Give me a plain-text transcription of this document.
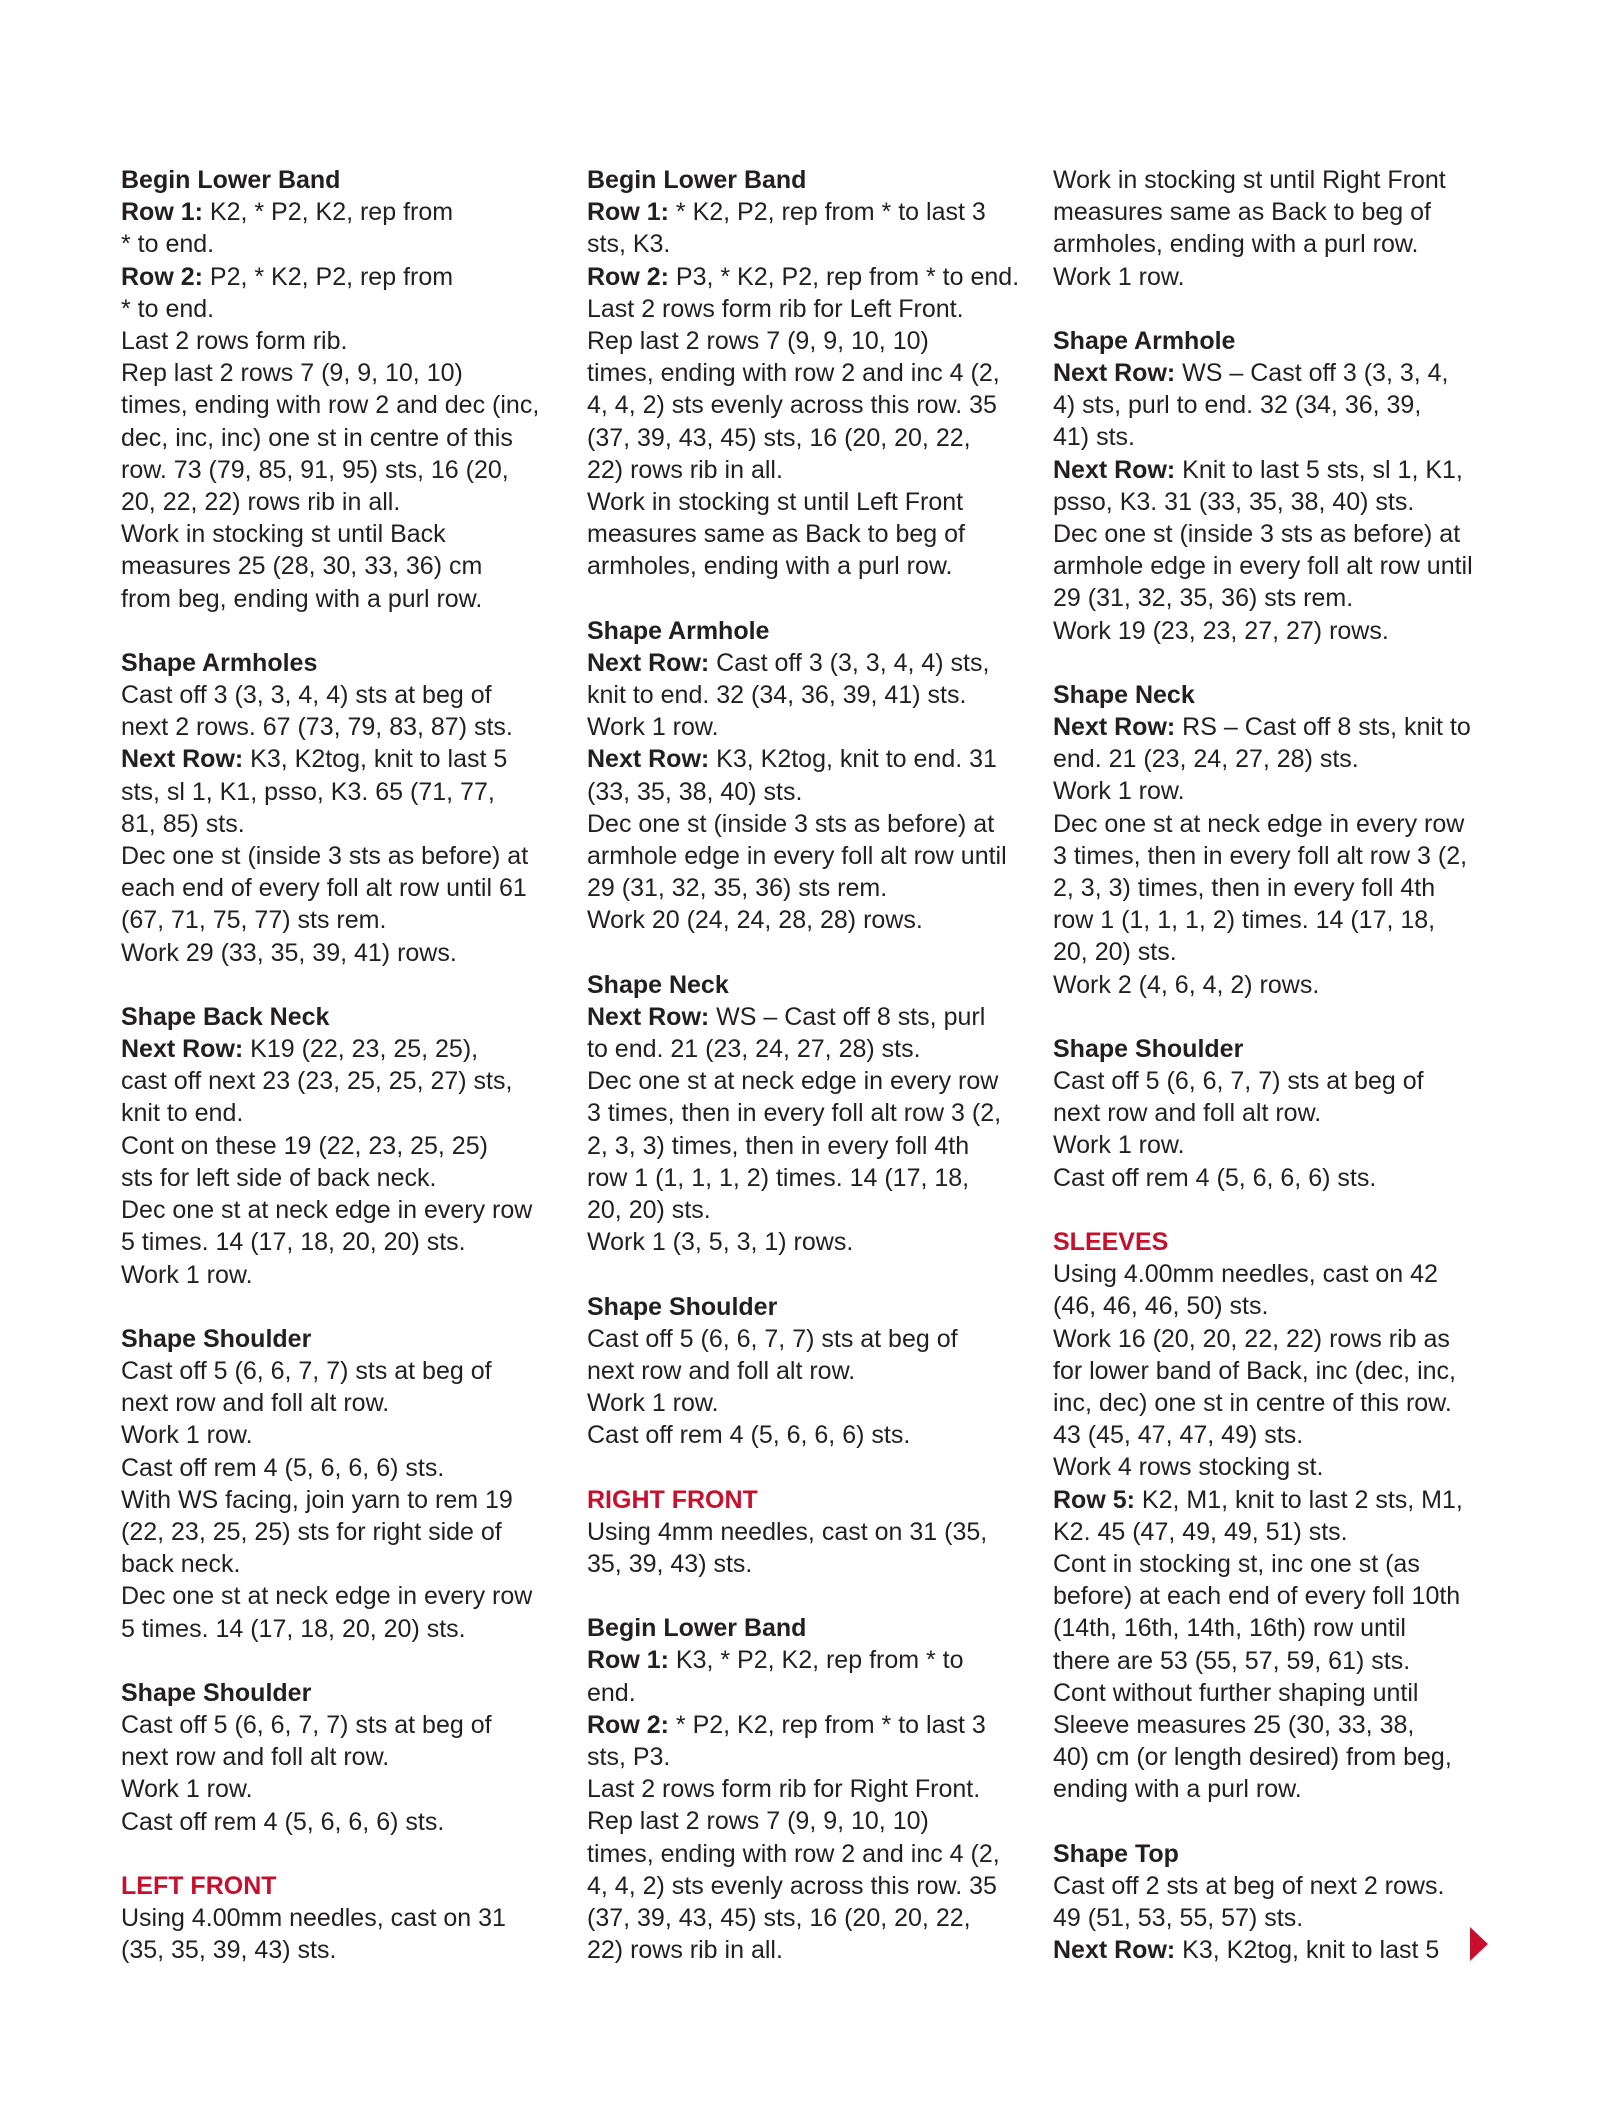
Begin Lower Band
Row 1: K2, * P2, K2, rep from
* to end.
Row 2: P2, * K2, P2, rep from
* to end.
Last 2 rows form rib.
Rep last 2 rows 7 (9, 9, 10, 10)
times, ending with row 2 and dec (inc,
dec, inc, inc) one st in centre of this
row. 73 (79, 85, 91, 95) sts, 16 (20,
20, 22, 22) rows rib in all.
Work in stocking st until Back
measures 25 (28, 30, 33, 36) cm
from beg, ending with a purl row.
Shape Armholes
Cast off 3 (3, 3, 4, 4) sts at beg of
next 2 rows. 67 (73, 79, 83, 87) sts.
Next Row: K3, K2tog, knit to last 5
sts, sl 1, K1, psso, K3. 65 (71, 77,
81, 85) sts.
Dec one st (inside 3 sts as before) at
each end of every foll alt row until 61
(67, 71, 75, 77) sts rem.
Work 29 (33, 35, 39, 41) rows.
Shape Back Neck
Next Row: K19 (22, 23, 25, 25),
cast off next 23 (23, 25, 25, 27) sts,
knit to end.
Cont on these 19 (22, 23, 25, 25)
sts for left side of back neck.
Dec one st at neck edge in every row
5 times. 14 (17, 18, 20, 20) sts.
Work 1 row.
Shape Shoulder
Cast off 5 (6, 6, 7, 7) sts at beg of
next row and foll alt row.
Work 1 row.
Cast off rem 4 (5, 6, 6, 6) sts.
With WS facing, join yarn to rem 19
(22, 23, 25, 25) sts for right side of
back neck.
Dec one st at neck edge in every row
5 times. 14 (17, 18, 20, 20) sts.
Shape Shoulder
Cast off 5 (6, 6, 7, 7) sts at beg of
next row and foll alt row.
Work 1 row.
Cast off rem 4 (5, 6, 6, 6) sts.
LEFT FRONT
Using 4.00mm needles, cast on 31
(35, 35, 39, 43) sts.
Begin Lower Band
Row 1: * K2, P2, rep from * to last 3
sts, K3.
Row 2: P3, * K2, P2, rep from * to end.
Last 2 rows form rib for Left Front.
Rep last 2 rows 7 (9, 9, 10, 10)
times, ending with row 2 and inc 4 (2,
4, 4, 2) sts evenly across this row. 35
(37, 39, 43, 45) sts, 16 (20, 20, 22,
22) rows rib in all.
Work in stocking st until Left Front
measures same as Back to beg of
armholes, ending with a purl row.
Shape Armhole
Next Row: Cast off 3 (3, 3, 4, 4) sts,
knit to end. 32 (34, 36, 39, 41) sts.
Work 1 row.
Next Row: K3, K2tog, knit to end. 31
(33, 35, 38, 40) sts.
Dec one st (inside 3 sts as before) at
armhole edge in every foll alt row until
29 (31, 32, 35, 36) sts rem.
Work 20 (24, 24, 28, 28) rows.
Shape Neck
Next Row: WS – Cast off 8 sts, purl
to end. 21 (23, 24, 27, 28) sts.
Dec one st at neck edge in every row
3 times, then in every foll alt row 3 (2,
2, 3, 3) times, then in every foll 4th
row 1 (1, 1, 1, 2) times. 14 (17, 18,
20, 20) sts.
Work 1 (3, 5, 3, 1) rows.
Shape Shoulder
Cast off 5 (6, 6, 7, 7) sts at beg of
next row and foll alt row.
Work 1 row.
Cast off rem 4 (5, 6, 6, 6) sts.
RIGHT FRONT
Using 4mm needles, cast on 31 (35,
35, 39, 43) sts.
Begin Lower Band
Row 1: K3, * P2, K2, rep from * to
end.
Row 2: * P2, K2, rep from * to last 3
sts, P3.
Last 2 rows form rib for Right Front.
Rep last 2 rows 7 (9, 9, 10, 10)
times, ending with row 2 and inc 4 (2,
4, 4, 2) sts evenly across this row. 35
(37, 39, 43, 45) sts, 16 (20, 20, 22,
22) rows rib in all.
Work in stocking st until Right Front
measures same as Back to beg of
armholes, ending with a purl row.
Work 1 row.
Shape Armhole
Next Row: WS – Cast off 3 (3, 3, 4,
4) sts, purl to end. 32 (34, 36, 39,
41) sts.
Next Row: Knit to last 5 sts, sl 1, K1,
psso, K3. 31 (33, 35, 38, 40) sts.
Dec one st (inside 3 sts as before) at
armhole edge in every foll alt row until
29 (31, 32, 35, 36) sts rem.
Work 19 (23, 23, 27, 27) rows.
Shape Neck
Next Row: RS – Cast off 8 sts, knit to
end. 21 (23, 24, 27, 28) sts.
Work 1 row.
Dec one st at neck edge in every row
3 times, then in every foll alt row 3 (2,
2, 3, 3) times, then in every foll 4th
row 1 (1, 1, 1, 2) times. 14 (17, 18,
20, 20) sts.
Work 2 (4, 6, 4, 2) rows.
Shape Shoulder
Cast off 5 (6, 6, 7, 7) sts at beg of
next row and foll alt row.
Work 1 row.
Cast off rem 4 (5, 6, 6, 6) sts.
SLEEVES
Using 4.00mm needles, cast on 42
(46, 46, 46, 50) sts.
Work 16 (20, 20, 22, 22) rows rib as
for lower band of Back, inc (dec, inc,
inc, dec) one st in centre of this row.
43 (45, 47, 47, 49) sts.
Work 4 rows stocking st.
Row 5: K2, M1, knit to last 2 sts, M1,
K2. 45 (47, 49, 49, 51) sts.
Cont in stocking st, inc one st (as
before) at each end of every foll 10th
(14th, 16th, 14th, 16th) row until
there are 53 (55, 57, 59, 61) sts.
Cont without further shaping until
Sleeve measures 25 (30, 33, 38,
40) cm (or length desired) from beg,
ending with a purl row.
Shape Top
Cast off 2 sts at beg of next 2 rows.
49 (51, 53, 55, 57) sts.
Next Row: K3, K2tog, knit to last 5
